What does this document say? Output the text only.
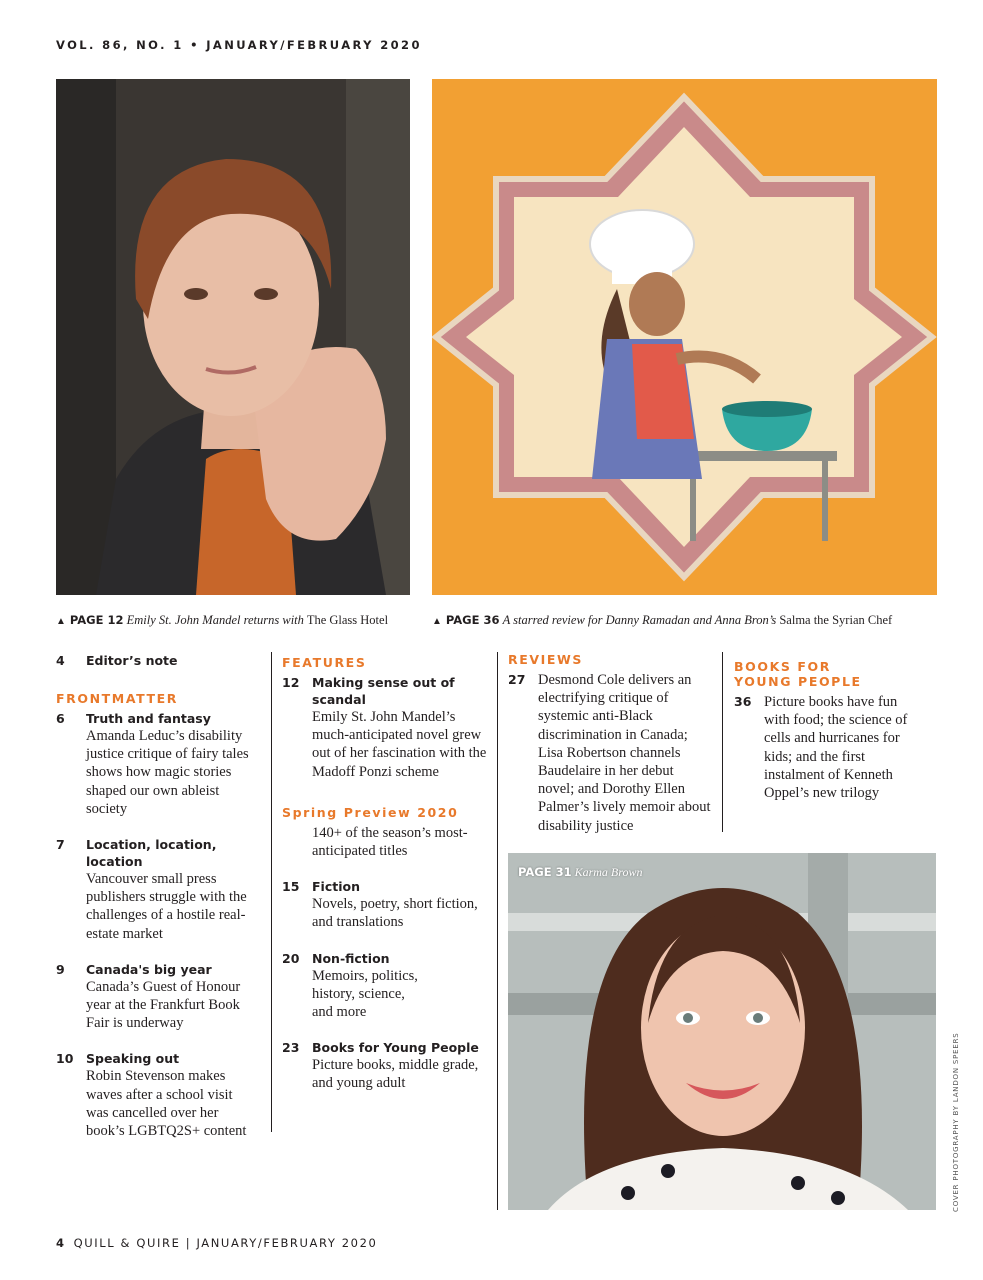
VOL. 86, NO. 1 • JANUARY/FEBRUARY 2020
▲ PAGE 12 Emily St. John Mandel returns with The Glass Hotel	▲ PAGE 36 A starred review for Danny Ramadan and Anna Bron’s Salma the Syrian Chef
4 Editor’s note
FRONTMATTER
6 Truth and fantasy
Amanda Leduc’s disability justice critique of fairy tales shows how magic stories shaped our own ableist society
7 Location, location, location
Vancouver small press publishers struggle with the challenges of a hostile real-estate market
9 Canada's big year
Canada’s Guest of Honour year at the Frankfurt Book Fair is underway
10 Speaking out
Robin Stevenson makes waves after a school visit was cancelled over her book’s LGBTQ2S+ content
FEATURES
12 Making sense out of scandal
Emily St. John Mandel’s much-anticipated novel grew out of her fascination with the Madoff Ponzi scheme
Spring Preview 2020
140+ of the season’s most-anticipated titles
15 Fiction
Novels, poetry, short fiction, and translations
20 Non-fiction
Memoirs, politics, history, science, and more
23 Books for Young People
Picture books, middle grade, and young adult
REVIEWS
27 Desmond Cole delivers an electrifying critique of systemic anti-Black discrimination in Canada; Lisa Robertson channels Baudelaire in her debut novel; and Dorothy Ellen Palmer’s lively memoir about disability justice
BOOKS FOR
YOUNG PEOPLE
36 Picture books have fun with food; the science of cells and hurricanes for kids; and the first instalment of Kenneth Oppel’s new trilogy
PAGE 31 Karma Brown
COVER PHOTOGRAPHY BY LANDON SPEERS
4 QUILL & QUIRE | JANUARY/FEBRUARY 2020
